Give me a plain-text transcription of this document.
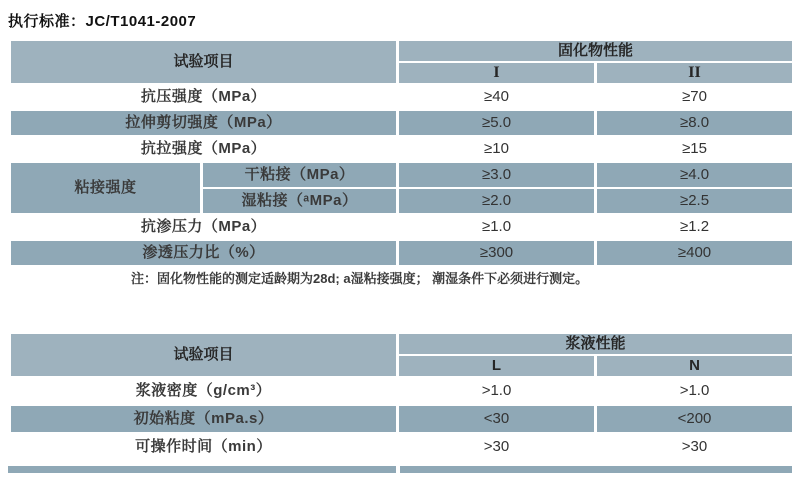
执行标准：JC/T1041-2007
试验项目		固化物性能	
		I	II
抗压强度（MPa）		≥40	≥70
拉伸剪切强度（MPa）		≥5.0	≥8.0
抗拉强度（MPa）		≥10	≥15
粘接强度	干粘接（MPa）	≥3.0	≥4.0
	湿粘接（ᵃMPa）	≥2.0	≥2.5
抗渗压力（MPa）		≥1.0	≥1.2
渗透压力比（%）		≥300	≥400
注：固化物性能的测定适龄期为28d; a湿粘接强度； 潮湿条件下必须进行测定。			
试验项目	浆液性能	
	L	N
浆液密度（g/cm³）	>1.0	>1.0
初始粘度（mPa.s）	<30	<200
可操作时间（min）	>30	>30
